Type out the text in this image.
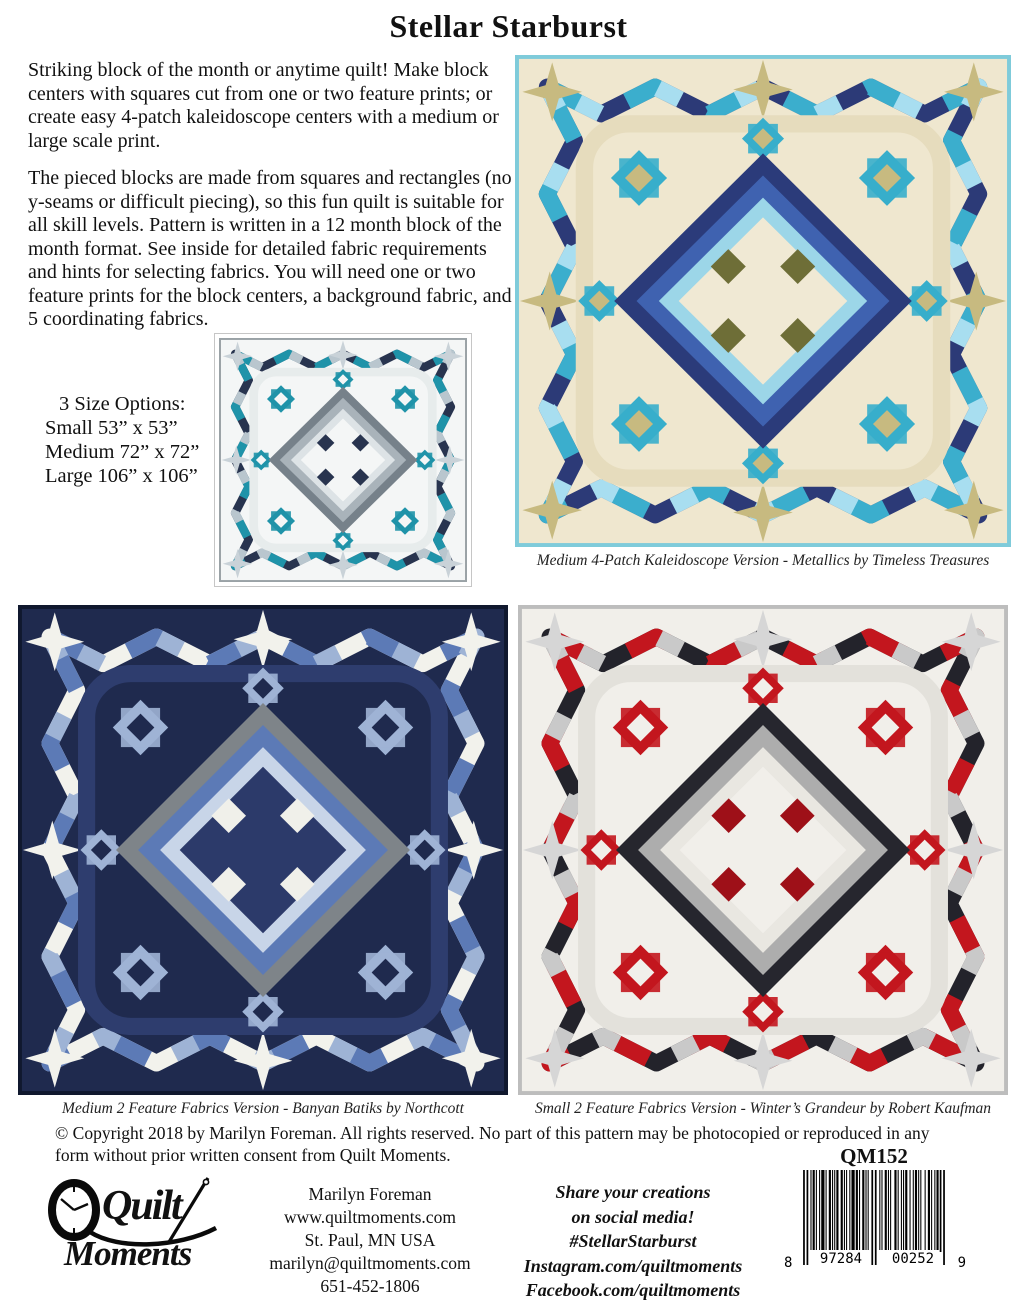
Stellar Starburst

Striking block of the month or anytime quilt! Make block centers with squares cut from one or two feature prints; or create easy 4-patch kaleidoscope centers with a medium or large scale print.

The pieced blocks are made from squares and rectangles (no y-seams or difficult piecing), so this fun quilt is suitable for all skill levels. Pattern is written in a 12 month block of the month format. See inside for detailed fabric requirements and hints for selecting fabrics. You will need one or two feature prints for the block centers, a background fabric, and 5 coordinating fabrics.

3 Size Options:
Small 53” x 53”
Medium 72” x 72”
Large 106” x 106”
Medium 4-Patch Kaleidoscope Version - Metallics by Timeless Treasures
Medium 2 Feature Fabrics Version - Banyan Batiks by Northcott	Small 2 Feature Fabrics Version - Winter’s Grandeur by Robert Kaufman

© Copyright 2018 by Marilyn Foreman. All rights reserved. No part of this pattern may be photocopied or reproduced in any form without prior written consent from Quilt Moments.

Quilt
Moments
Marilyn Foreman
www.quiltmoments.com
St. Paul, MN USA
marilyn@quiltmoments.com
651-452-1806
Share your creations
on social media!
#StellarStarburst
Instagram.com/quiltmoments
Facebook.com/quiltmoments
QM152
8	97284	00252	9
